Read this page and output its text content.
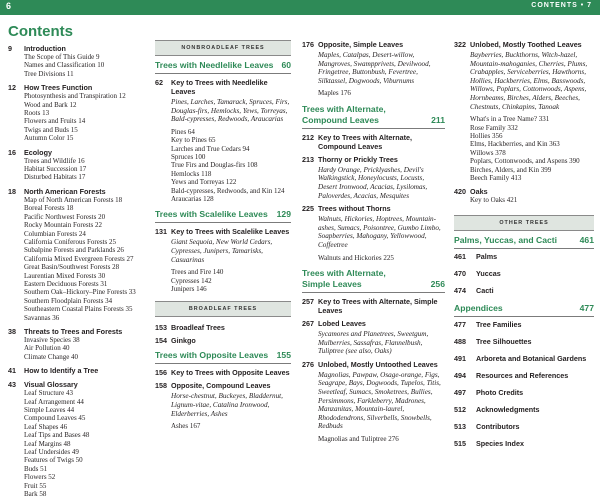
6	CONTENTS • 7
Contents
9 Introduction
The Scope of This Guide 9
Names and Classification 10
Tree Divisions 11
12 How Trees Function
Photosynthesis and Transpiration 12
Wood and Bark 12
Roots 13
Flowers and Fruits 14
Twigs and Buds 15
Autumn Color 15
16 Ecology
Trees and Wildlife 16
Habitat Succession 17
Disturbed Habitats 17
18 North American Forests
Map of North American Forests 18
Boreal Forests 18
Pacific Northwest Forests 20
Rocky Mountain Forests 22
Columbian Forests 24
California Coniferous Forests 25
Subalpine Forests and Parklands 26
California Mixed Evergreen Forests 27
Great Basin/Southwest Forests 28
Laurentian Mixed Forests 30
Eastern Deciduous Forests 31
Southern Oak–Hickory–Pine Forests 33
Southern Floodplain Forests 34
Southeastern Coastal Plains Forests 35
Savannas 36
38 Threats to Trees and Forests
Invasive Species 38
Air Pollution 40
Climate Change 40
41 How to Identify a Tree
43 Visual Glossary
Leaf Structure 43
Leaf Arrangement 44
Simple Leaves 44
Compound Leaves 45
Leaf Shapes 46
Leaf Tips and Bases 48
Leaf Margins 48
Leaf Undersides 49
Features of Twigs 50
Buds 51
Flowers 52
Fruit 55
Bark 58
NONBROADLEAF TREES
Trees with Needlelike Leaves 60
62 Key to Trees with Needlelike Leaves
Pines, Larches, Tamarack, Spruces, Firs, Douglas-firs, Hemlocks, Yews, Torreyas, Bald-cypresses, Redwoods, Araucarias
Pines 64
Key to Pines 65
Larches and True Cedars 94
Spruces 100
True Firs and Douglas-firs 108
Hemlocks 118
Yews and Torreyas 122
Bald-cypresses, Redwoods, and Kin 124
Araucarias 128
Trees with Scalelike Leaves 129
131 Key to Trees with Scalelike Leaves
Giant Sequoia, New World Cedars, Cypresses, Junipers, Tamarisks, Casuarinas
Trees and Fire 140
Cypresses 142
Junipers 146
BROADLEAF TREES
153 Broadleaf Trees
154 Ginkgo
Trees with Opposite Leaves 155
156 Key to Trees with Opposite Leaves
158 Opposite, Compound Leaves
Horse-chestnut, Buckeyes, Bladdernut, Lignum-vitae, Catalina Ironwood, Elderberries, Ashes
Ashes 167
176 Opposite, Simple Leaves
Maples, Catalpas, Desert-willow, Mangroves, Swampprivets, Devilwood, Fringetree, Buttonbush, Fevertree, Silktassel, Dogwoods, Viburnums
Maples 176
Trees with Alternate, Compound Leaves	211
212 Key to Trees with Alternate, Compound Leaves
213 Thorny or Prickly Trees
Hardy Orange, Pricklyashes, Devil's Walkingstick, Honeylocusts, Locusts, Desert Ironwood, Acacias, Lysilomas, Paloverdes, Acacias, Mesquites
225 Trees without Thorns
Walnuts, Hickories, Hoptrees, Mountain-ashes, Sumacs, Poisontree, Gumbo Limbo, Soapberries, Mahogany, Yellowwood, Coffeetree
Walnuts and Hickories 225
Trees with Alternate, Simple Leaves	256
257 Key to Trees with Alternate, Simple Leaves
267 Lobed Leaves
Sycamores and Planetrees, Sweetgum, Mulberries, Sassafras, Flannelbush, Tuliptree (see also, Oaks)
276 Unlobed, Mostly Untoothed Leaves
Magnolias, Pawpaw, Osage-orange, Figs, Seagrape, Bays, Dogwoods, Tupelos, Titis, Sweetleaf, Sumacs, Smoketrees, Bullies, Persimmons, Farkleberry, Madrones, Manzanitas, Mountain-laurel, Rhododendrons, Silverbells, Snowbells, Redbuds
Magnolias and Tuliptree 276
322 Unlobed, Mostly Toothed Leaves
Bayberries, Buckthorns, Witch-hazel, Mountain-mahoganies, Cherries, Plums, Crabapples, Serviceberries, Hawthorns, Hollies, Hackberries, Elms, Basswoods, Willows, Poplars, Cottonwoods, Aspens, Hornbeams, Birches, Alders, Beeches, Chestnuts, Chinkapins, Tanoak
What's in a Tree Name? 331
Rose Family 332
Hollies 356
Elms, Hackberries, and Kin 363
Willows 378
Poplars, Cottonwoods, and Aspens 390
Birches, Alders, and Kin 399
Beech Family 413
420 Oaks
Key to Oaks 421
OTHER TREES
Palms, Yuccas, and Cacti	461
461 Palms
470 Yuccas
474 Cacti
Appendices	477
477 Tree Families
488 Tree Silhouettes
491 Arboreta and Botanical Gardens
494 Resources and References
497 Photo Credits
512 Acknowledgments
513 Contributors
515 Species Index
